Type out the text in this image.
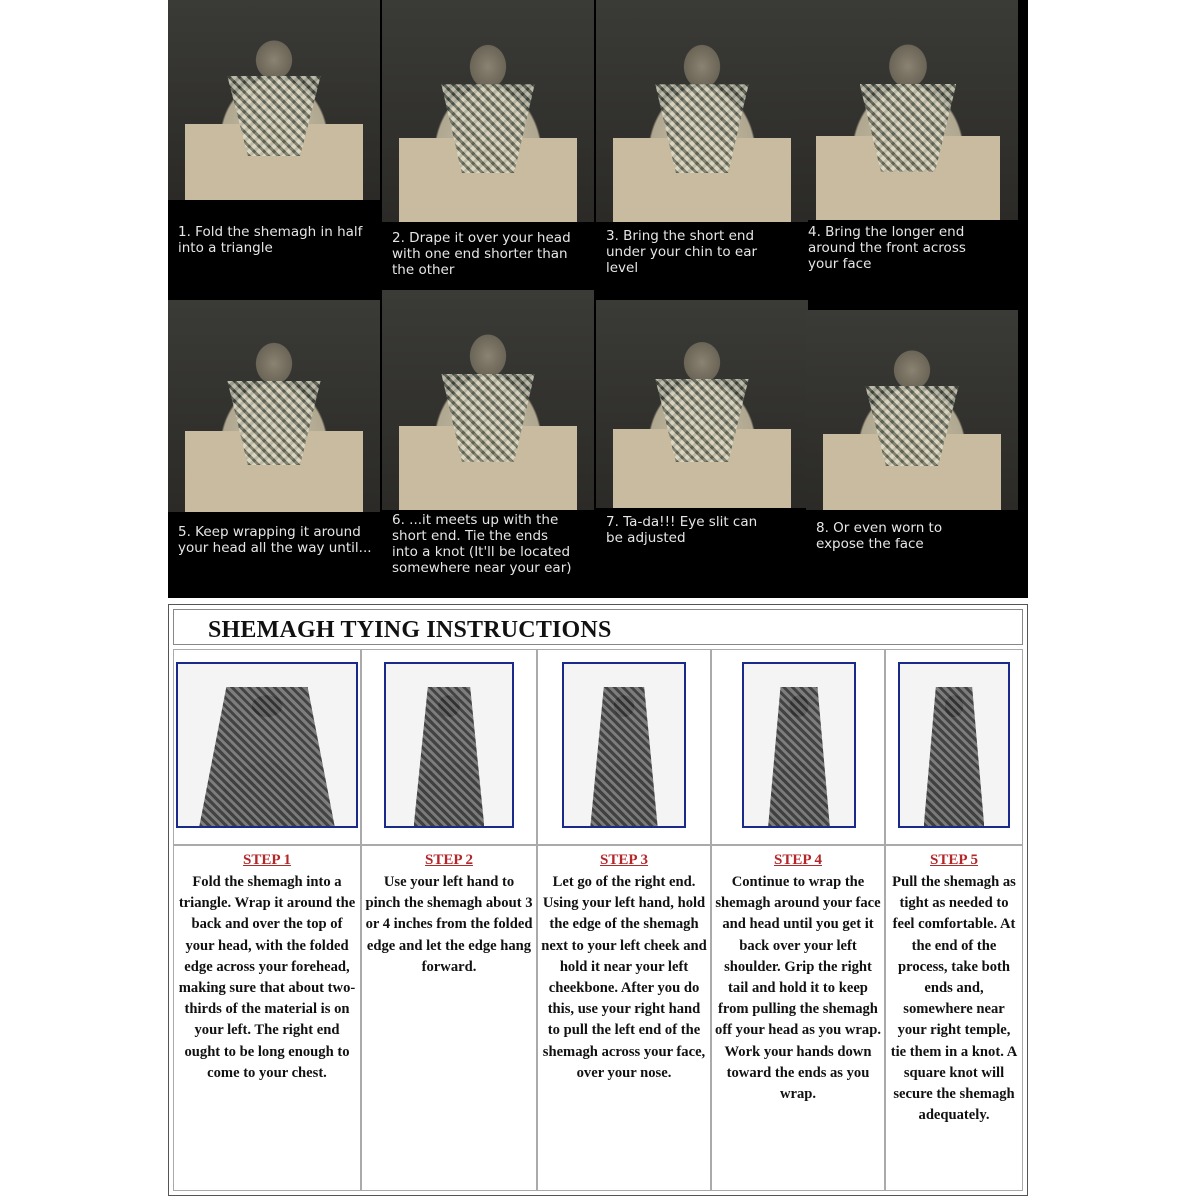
1. Fold the shemagh in half
into a triangle
2. Drape it over your head
with one end shorter than
the other
3. Bring the short end
under your chin to ear
level
4. Bring the longer end
around the front across
your face
5. Keep wrapping it around
your head all the way until...
6. ...it meets up with the
short end. Tie the ends
into a knot (It'll be located
somewhere near your ear)
7. Ta-da!!! Eye slit can
be adjusted
8. Or even worn to
expose the face
SHEMAGH TYING INSTRUCTIONS
STEP 1
Fold the shemagh into a triangle. Wrap it around the back and over the top of your head, with the folded edge across your forehead, making sure that about two-thirds of the material is on your left. The right end ought to be long enough to come to your chest.
STEP 2
Use your left hand to pinch the shemagh about 3 or 4 inches from the folded edge and let the edge hang forward.
STEP 3
Let go of the right end. Using your left hand, hold the edge of the shemagh next to your left cheek and hold it near your left cheekbone. After you do this, use your right hand to pull the left end of the shemagh across your face, over your nose.
STEP 4
Continue to wrap the shemagh around your face and head until you get it back over your left shoulder. Grip the right tail and hold it to keep from pulling the shemagh off your head as you wrap. Work your hands down toward the ends as you wrap.
STEP 5
Pull the shemagh as tight as needed to feel comfortable. At the end of the process, take both ends and, somewhere near your right temple, tie them in a knot. A square knot will secure the shemagh adequately.
